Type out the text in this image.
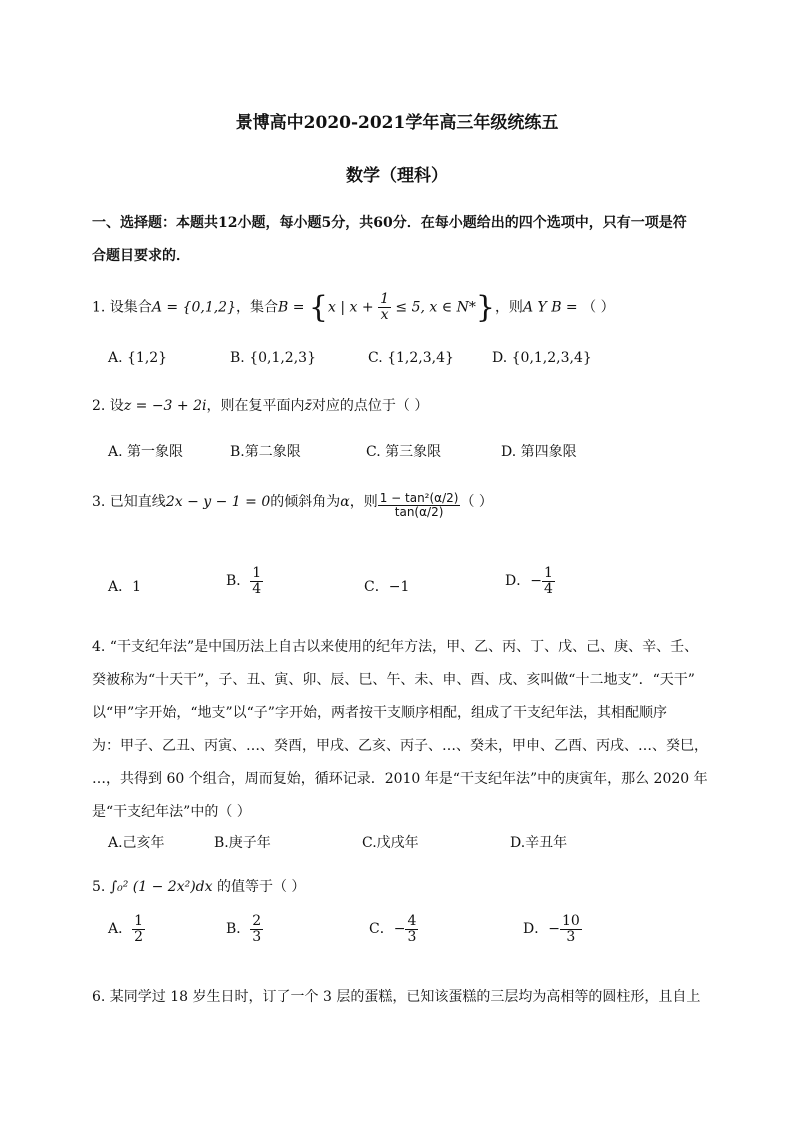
景博高中2020-2021学年高三年级统练五
数学（理科）
一、选择题：本题共12小题，每小题5分，共60分．在每小题给出的四个选项中，只有一项是符
合题目要求的．
1. 设集合A = {0,1,2}，集合B = {x | $x + \frac{1}{x} \le 5$, x ∈ N*}，则A Y B = （ ）
A. {1,2}	B. {0,1,2,3}	C. {1,2,3,4}	D. {0,1,2,3,4}
2. 设z = −3 + 2i，则在复平面内z̄对应的点位于（ ）
A. 第一象限	B.第二象限	C. 第三象限	D. 第四象限
3. 已知直线2x − y − 1 = 0的倾斜角为α，则 $\frac{\text{1 − tan²(α/2)}}{\tan(\alpha/2)}$ （ ）
A．1	B． $\frac{1}{4}$	C．−1	D．− $\frac{1}{4}$
4. “干支纪年法”是中国历法上自古以来使用的纪年方法，甲、乙、丙、丁、戊、己、庚、辛、壬、
癸被称为“十天干”，子、丑、寅、卯、辰、巳、午、未、申、酉、戌、亥叫做“十二地支”．“天干”
以“甲”字开始，“地支”以“子”字开始，两者按干支顺序相配，组成了干支纪年法，其相配顺序
为：甲子、乙丑、丙寅、…、癸酉，甲戌、乙亥、丙子、…、癸未，甲申、乙酉、丙戌、…、癸巳，
…，共得到 60 个组合，周而复始，循环记录．2010 年是“干支纪年法”中的庚寅年，那么 2020 年
是“干支纪年法”中的（ ）
A.己亥年	B.庚子年	C.戊戌年	D.辛丑年
5. ∫₀² (1 − 2x²)dx 的值等于（ ）
A． $\frac{1}{2}$	B． $\frac{2}{3}$	C．− $\frac{4}{3}$	D．− $\frac{10}{3}$
6. 某同学过 18 岁生日时，订了一个 3 层的蛋糕，已知该蛋糕的三层均为高相等的圆柱形，且自上
